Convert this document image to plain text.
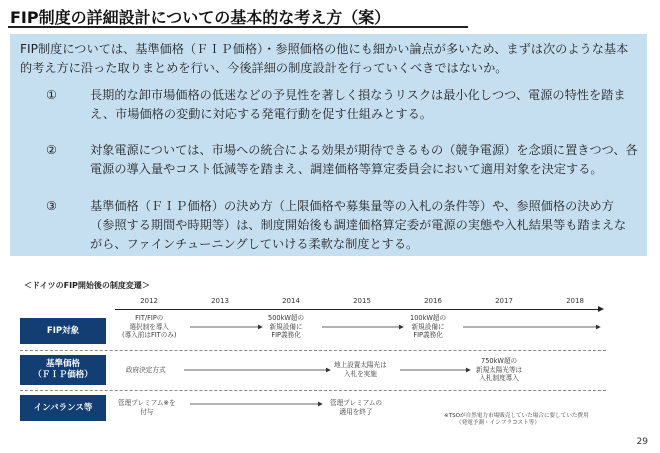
FIP制度の詳細設計についての基本的な考え方（案）

FIP制度については、基準価格（ＦＩＰ価格）・参照価格の他にも細かい論点が多いため、まずは次のような基本的考え方に沿った取りまとめを行い、今後詳細の制度設計を行っていくべきではないか。

①	長期的な卸市場価格の低迷などの予見性を著しく損なうリスクは最小化しつつ、電源の特性を踏まえ、市場価格の変動に対応する発電行動を促す仕組みとする。
②	対象電源については、市場への統合による効果が期待できるもの（競争電源）を念頭に置きつつ、各電源の導入量やコスト低減等を踏まえ、調達価格等算定委員会において適用対象を決定する。
③	基準価格（ＦＩＰ価格）の決め方（上限価格や募集量等の入札の条件等）や、参照価格の決め方（参照する期間や時期等）は、制度開始後も調達価格算定委が電源の実態や入札結果等も踏まえながら、ファインチューニングしていける柔軟な制度とする。
＜ドイツのFIP開始後の制度変遷＞
2012	2013	2014	2015	2016	2017	2018
FIP対象
基準価格
（ＦＩＰ価格）
インバランス等
FIT/FIPの
選択制を導入
(導入前はFITのみ)
500kW超の
新規設備に
FIP義務化
100kW超の
新規設備に
FIP義務化
政府決定方式
地上設置太陽光は
入札を実施
750kW超の
新規太陽光等は
入札制度導入
管理プレミアム※を
付与
管理プレミアムの
適用を終了
※TSOが自然電力市場販売していた場合に要していた費用
（発電予測・インフラコスト等）
29
